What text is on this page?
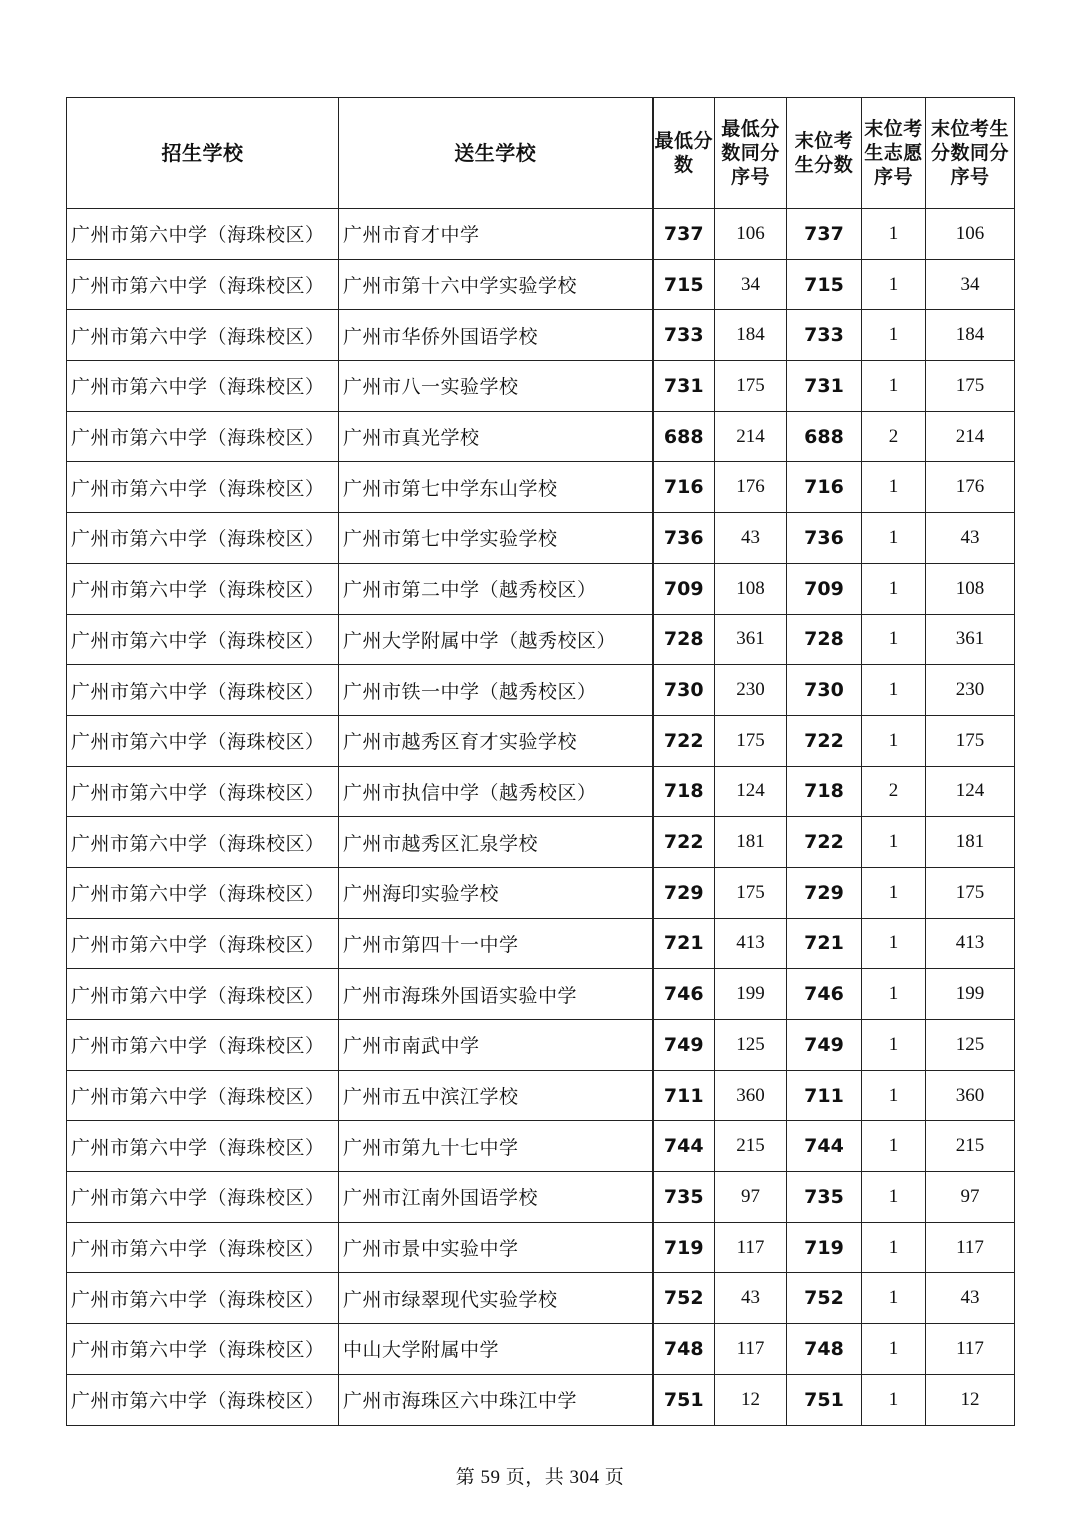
招生学校	送生学校	最低分数	最低分数同分序号	末位考生分数	末位考生志愿序号	末位考生分数同分序号
广州市第六中学（海珠校区）	广州市育才中学	737	106	737	1	106
广州市第六中学（海珠校区）	广州市第十六中学实验学校	715	34	715	1	34
广州市第六中学（海珠校区）	广州市华侨外国语学校	733	184	733	1	184
广州市第六中学（海珠校区）	广州市八一实验学校	731	175	731	1	175
广州市第六中学（海珠校区）	广州市真光学校	688	214	688	2	214
广州市第六中学（海珠校区）	广州市第七中学东山学校	716	176	716	1	176
广州市第六中学（海珠校区）	广州市第七中学实验学校	736	43	736	1	43
广州市第六中学（海珠校区）	广州市第二中学（越秀校区）	709	108	709	1	108
广州市第六中学（海珠校区）	广州大学附属中学（越秀校区）	728	361	728	1	361
广州市第六中学（海珠校区）	广州市铁一中学（越秀校区）	730	230	730	1	230
广州市第六中学（海珠校区）	广州市越秀区育才实验学校	722	175	722	1	175
广州市第六中学（海珠校区）	广州市执信中学（越秀校区）	718	124	718	2	124
广州市第六中学（海珠校区）	广州市越秀区汇泉学校	722	181	722	1	181
广州市第六中学（海珠校区）	广州海印实验学校	729	175	729	1	175
广州市第六中学（海珠校区）	广州市第四十一中学	721	413	721	1	413
广州市第六中学（海珠校区）	广州市海珠外国语实验中学	746	199	746	1	199
广州市第六中学（海珠校区）	广州市南武中学	749	125	749	1	125
广州市第六中学（海珠校区）	广州市五中滨江学校	711	360	711	1	360
广州市第六中学（海珠校区）	广州市第九十七中学	744	215	744	1	215
广州市第六中学（海珠校区）	广州市江南外国语学校	735	97	735	1	97
广州市第六中学（海珠校区）	广州市景中实验中学	719	117	719	1	117
广州市第六中学（海珠校区）	广州市绿翠现代实验学校	752	43	752	1	43
广州市第六中学（海珠校区）	中山大学附属中学	748	117	748	1	117
广州市第六中学（海珠校区）	广州市海珠区六中珠江中学	751	12	751	1	12
第 59 页，共 304 页
